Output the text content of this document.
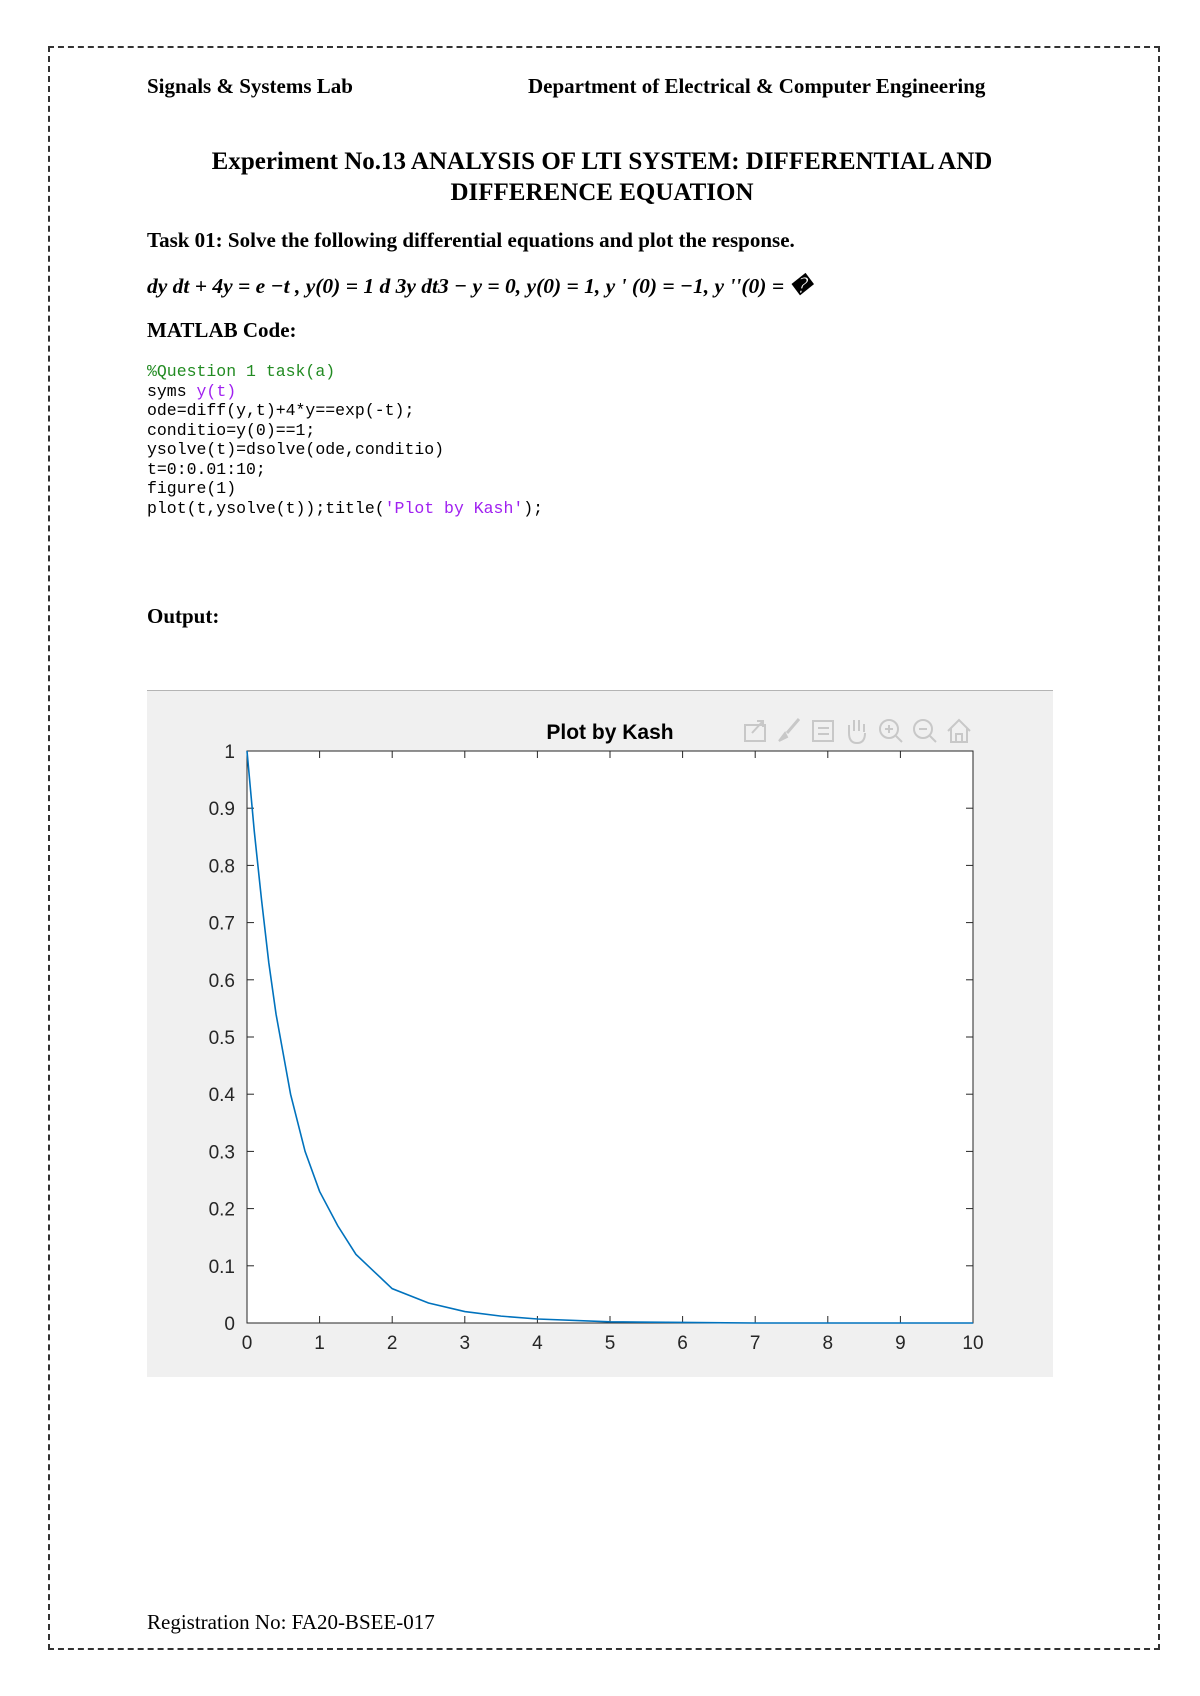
Signals & Systems Lab	Department of Electrical & Computer Engineering
Experiment No.13 ANALYSIS OF LTI SYSTEM: DIFFERENTIAL AND DIFFERENCE EQUATION
Task 01: Solve the following differential equations and plot the response.
dy dt + 4y = e −t , y(0) = 1 d 3y dt3 − y = 0, y(0) = 1, y ' (0) = −1, y ''(0) = �
MATLAB Code:
%Question 1 task(a)
syms y(t)
ode=diff(y,t)+4*y==exp(-t);
conditio=y(0)==1;
ysolve(t)=dsolve(ode,conditio)
t=0:0.01:10;
figure(1)
plot(t,ysolve(t));title('Plot by Kash');
Output:
0	1	2	3	4	5	6	7	8	9	10
0
0.1
0.2
0.3
0.4
0.5
0.6
0.7
0.8
0.9
1
Plot by Kash
Registration No: FA20-BSEE-017
